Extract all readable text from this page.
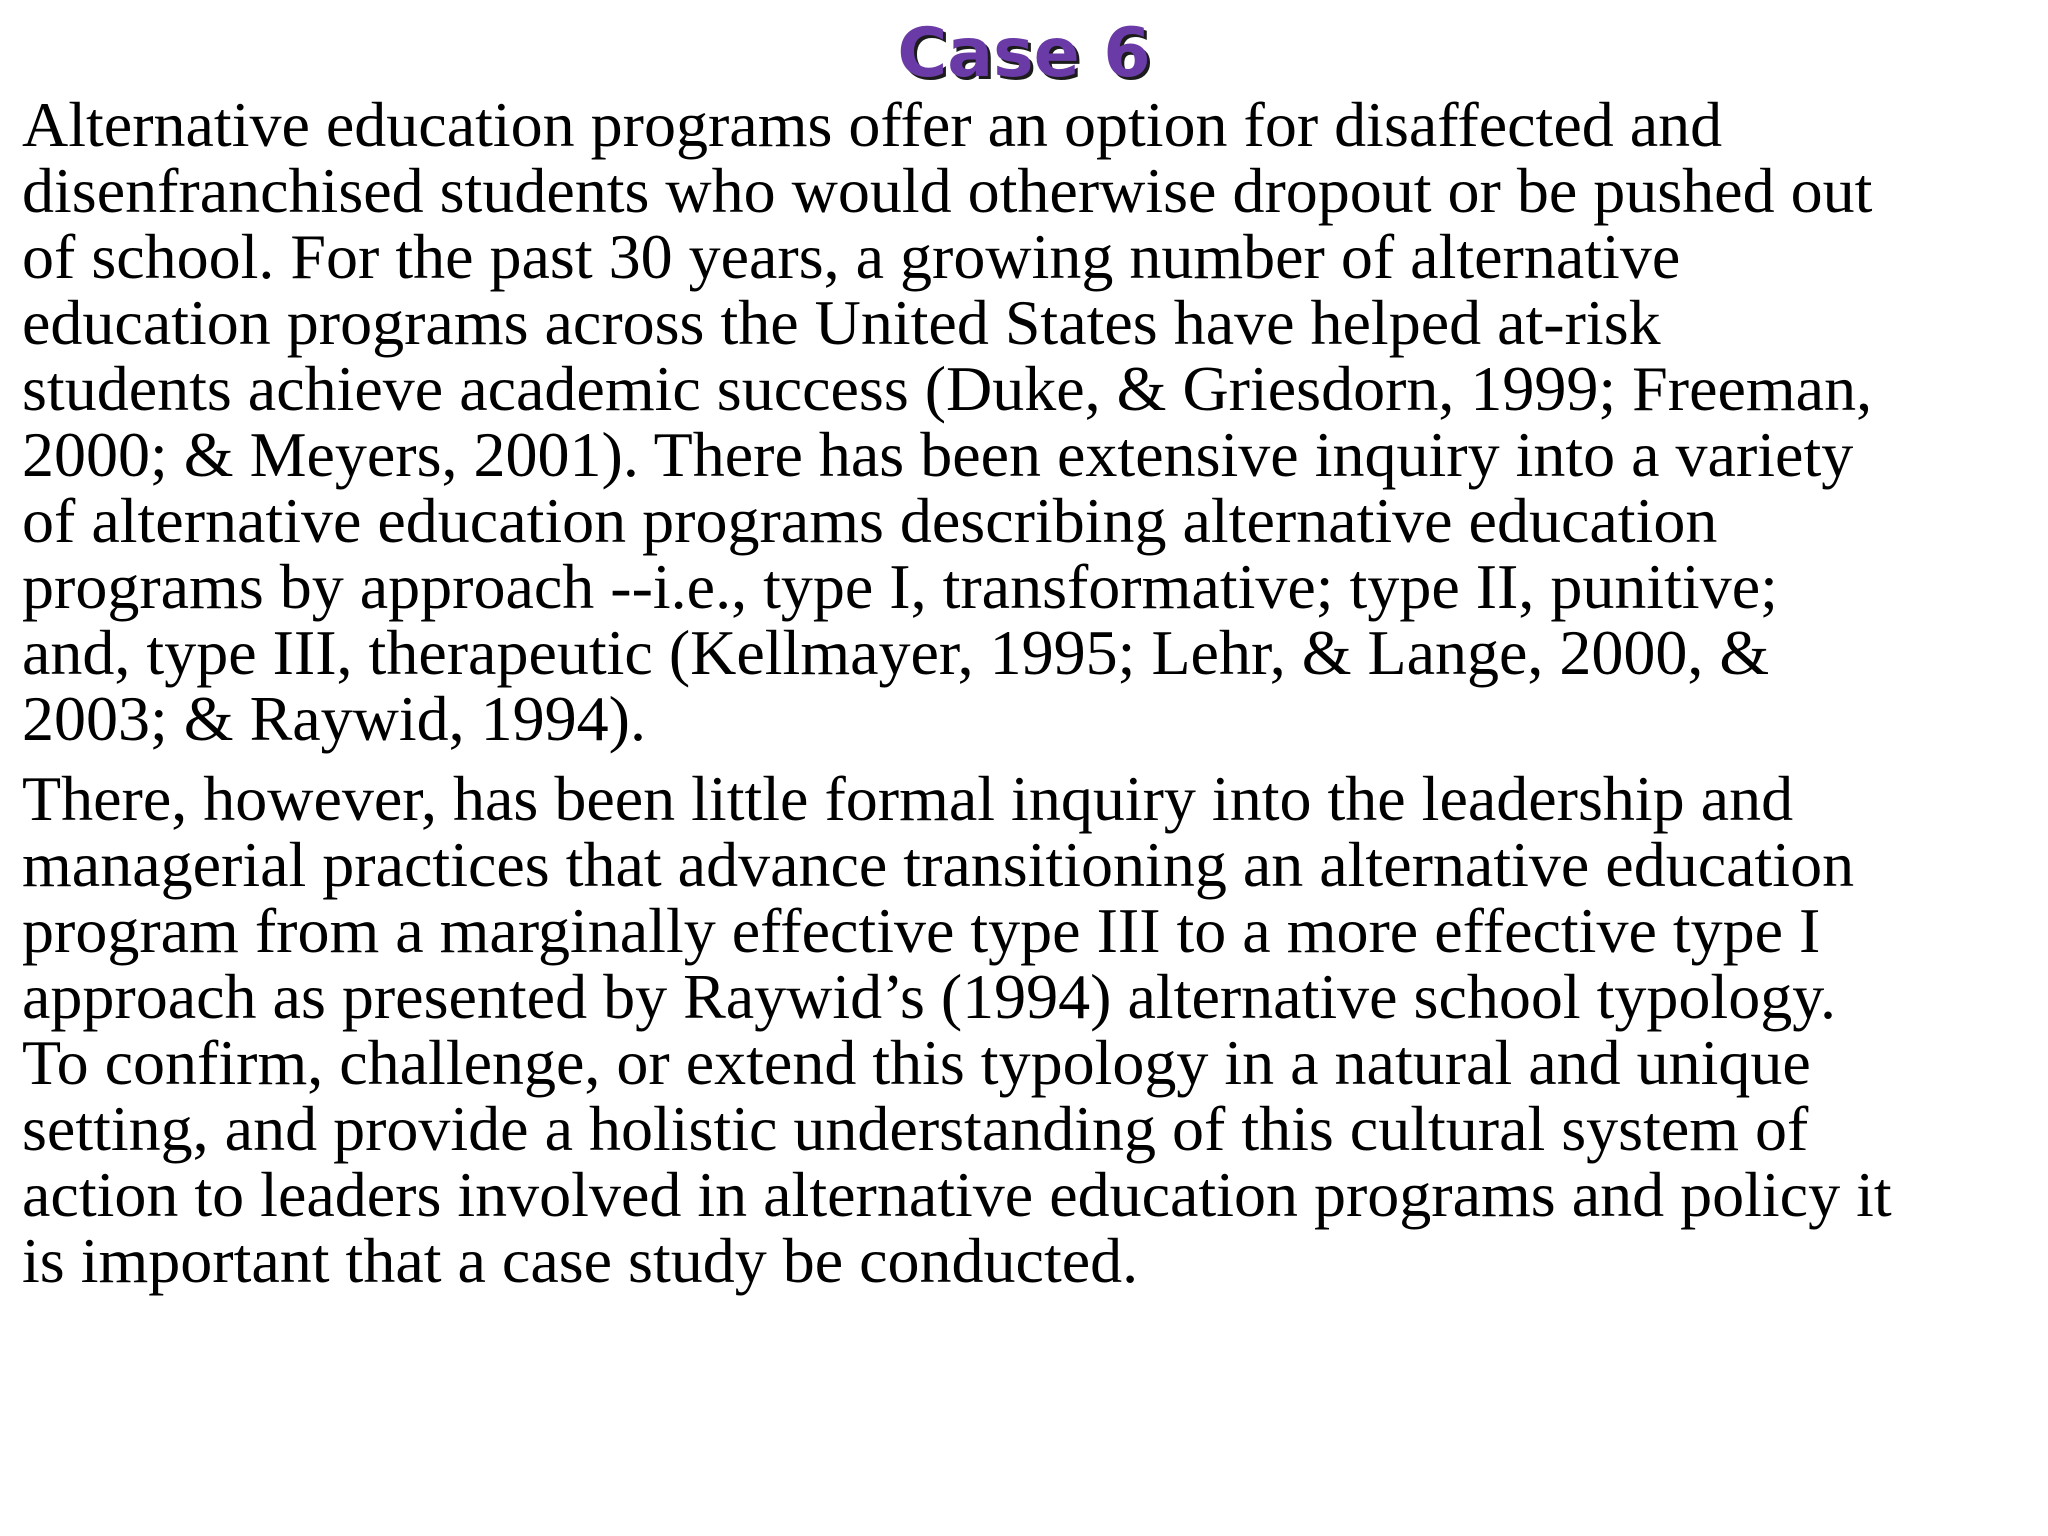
Case 6

Alternative education programs offer an option for disaffected and
disenfranchised students who would otherwise dropout or be pushed out
of school. For the past 30 years, a growing number of alternative
education programs across the United States have helped at-risk
students achieve academic success (Duke, & Griesdorn, 1999; Freeman,
2000; & Meyers, 2001). There has been extensive inquiry into a variety
of alternative education programs describing alternative education
programs by approach --i.e., type I, transformative; type II, punitive;
and, type III, therapeutic (Kellmayer, 1995; Lehr, & Lange, 2000, &
2003; & Raywid, 1994).

There, however, has been little formal inquiry into the leadership and
managerial practices that advance transitioning an alternative education
program from a marginally effective type III to a more effective type I
approach as presented by Raywid’s (1994) alternative school typology.
To confirm, challenge, or extend this typology in a natural and unique
setting, and provide a holistic understanding of this cultural system of
action to leaders involved in alternative education programs and policy it
is important that a case study be conducted.
